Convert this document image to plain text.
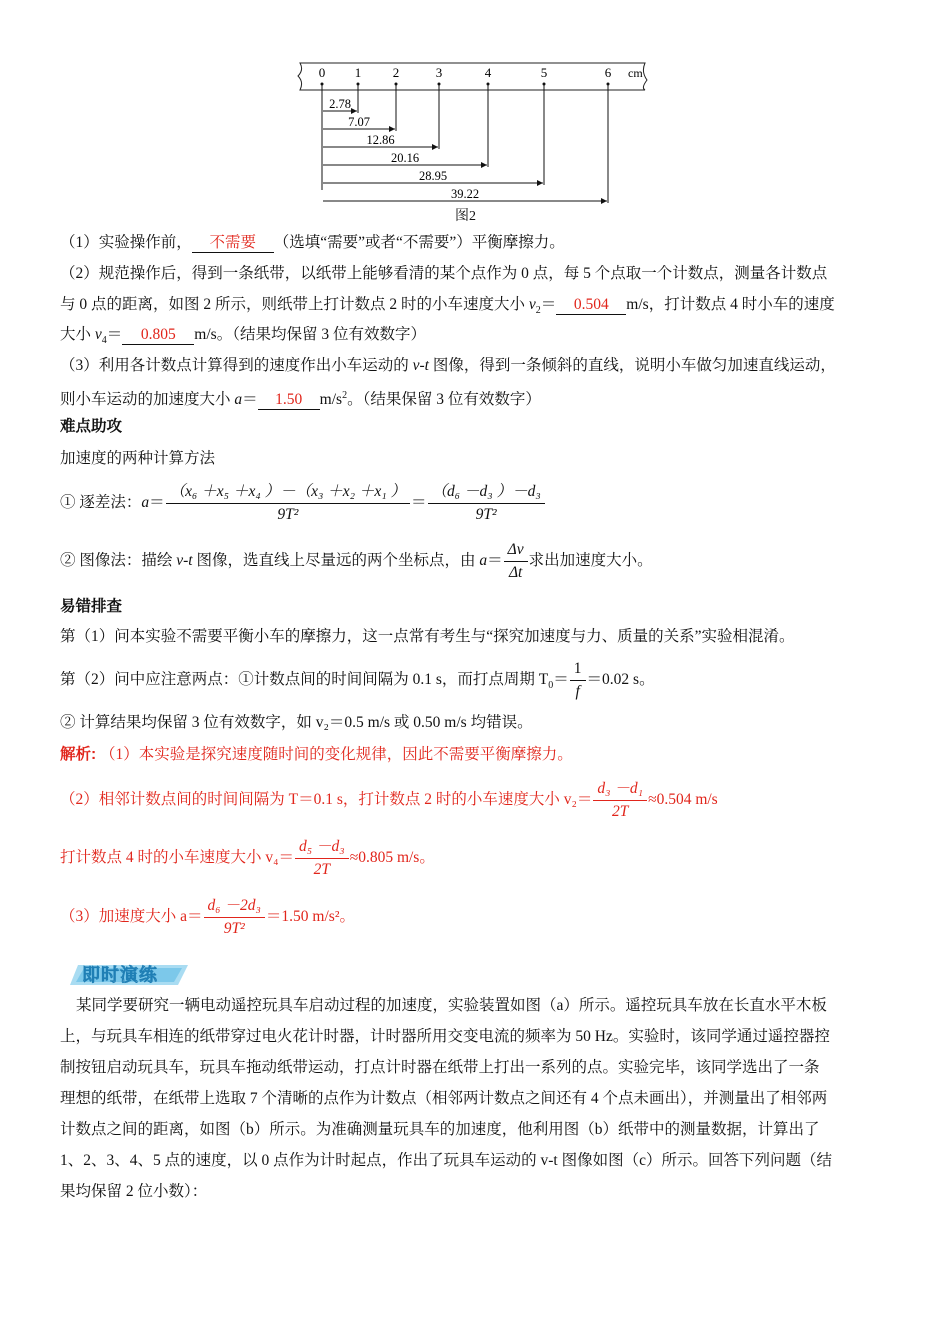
0 1 2	3	4	5	6 cm
2.78
7.07
12.86
20.16
28.95
39.22
图2
（1）实验操作前， 不需要 （选填“需要”或者“不需要”）平衡摩擦力。
（2）规范操作后，得到一条纸带，以纸带上能够看清的某个点作为 0 点，每 5 个点取一个计数点，测量各计数点
与 0 点的距离，如图 2 所示，则纸带上打计数点 2 时的小车速度大小 $v_2= 0.504$ m/s，打计数点 4 时小车的速度
大小 $v_4= 0.805$ m/s。（结果均保留 3 位有效数字）
（3）利用各计数点计算得到的速度作出小车运动的 v-t 图像，得到一条倾斜的直线，说明小车做匀加速直线运动，
则小车运动的加速度大小 a＝ 1.50 $m/s^2$。（结果保留 3 位有效数字）
难点助攻
加速度的两种计算方法
① 逐差法：$a= \frac{\text{（x₆ ＋x₅ ＋x₄ ）－（x₃ ＋x₂ ＋x₁ ）}}{\text{9T²}} = \frac{\text{（d₆ －d₃ ）－d₃}}{\text{9T²}}$
② 图像法：描绘 v-t 图像，选直线上尽量远的两个坐标点，由 $a= \frac{\Delta v}{\Delta t}$ 求出加速度大小。
易错排查
第（1）问本实验不需要平衡小车的摩擦力，这一点常有考生与“探究加速度与力、质量的关系”实验相混淆。
第（2）问中应注意两点：①计数点间的时间间隔为 0.1 s，而打点周期 $T_0= \frac{1}{f} =0.02$ s。
② 计算结果均保留 3 位有效数字，如 v₂＝0.5 m/s 或 0.50 m/s 均错误。
解析: （1）本实验是探究速度随时间的变化规律，因此不需要平衡摩擦力。
（2）相邻计数点间的时间间隔为 T＝0.1 s，打计数点 2 时的小车速度大小 $v_2= \frac{\text{d₃ －d₁}}{2T} \approx 0.504$ m/s
打计数点 4 时的小车速度大小 $v_4= \frac{\text{d₅ －d₃}}{2T} \approx 0.805$ m/s。
（3）加速度大小 $a= \frac{\text{d₆ －2d₃}}{\text{9T²}} =1.50$ m/s²。
即时演练
某同学要研究一辆电动遥控玩具车启动过程的加速度，实验装置如图（a）所示。遥控玩具车放在长直水平木板
上，与玩具车相连的纸带穿过电火花计时器，计时器所用交变电流的频率为 50 Hz。实验时，该同学通过遥控器控
制按钮启动玩具车，玩具车拖动纸带运动，打点计时器在纸带上打出一系列的点。实验完毕，该同学选出了一条
理想的纸带，在纸带上选取 7 个清晰的点作为计数点（相邻两计数点之间还有 4 个点未画出），并测量出了相邻两
计数点之间的距离，如图（b）所示。为准确测量玩具车的加速度，他利用图（b）纸带中的测量数据，计算出了
1、2、3、4、5 点的速度，以 0 点作为计时起点，作出了玩具车运动的 v-t 图像如图（c）所示。回答下列问题（结
果均保留 2 位小数）：
